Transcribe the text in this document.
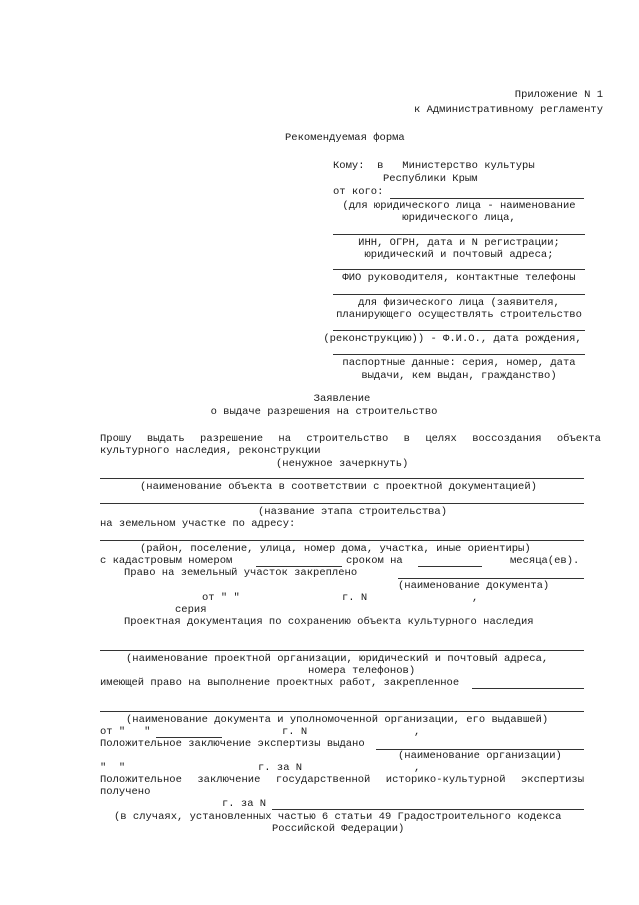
Приложение N 1
к Административному регламенту
Рекомендуемая форма
Кому:  в   Министерство культуры
Республики Крым
от кого:
(для юридического лица - наименование
юридического лица,
ИНН, ОГРН, дата и N регистрации;
юридический и почтовый адреса;
ФИО руководителя, контактные телефоны
для физического лица (заявителя,
планирующего осуществлять строительство
(реконструкцию)) - Ф.И.О., дата рождения,
паспортные данные: серия, номер, дата
выдачи, кем выдан, гражданство)
Заявление
о выдаче разрешения на строительство
Прошу выдать разрешение на строительство в целях воссоздания объекта
культурного наследия, реконструкции
(ненужное зачеркнуть)
(наименование объекта в соответствии с проектной документацией)
(название этапа строительства)
на земельном участке по адресу:
(район, поселение, улица, номер дома, участка, иные ориентиры)
с кадастровым номером	сроком на	месяца(ев).
Право на земельный участок закреплено
(наименование документа)
от " "	г. N	,
серия
Проектная документация по сохранению объекта культурного наследия
(наименование проектной организации, юридический и почтовый адреса,
номера телефонов)
имеющей право на выполнение проектных работ, закрепленное
(наименование документа и уполномоченной организации, его выдавшей)
от "   "	г. N	,
Положительное заключение экспертизы выдано
(наименование организации)
"  "	г. за N	,
Положительное заключение государственной историко-культурной экспертизы
получено
г. за N
(в случаях, установленных частью 6 статьи 49 Градостроительного кодекса
Российской Федерации)
